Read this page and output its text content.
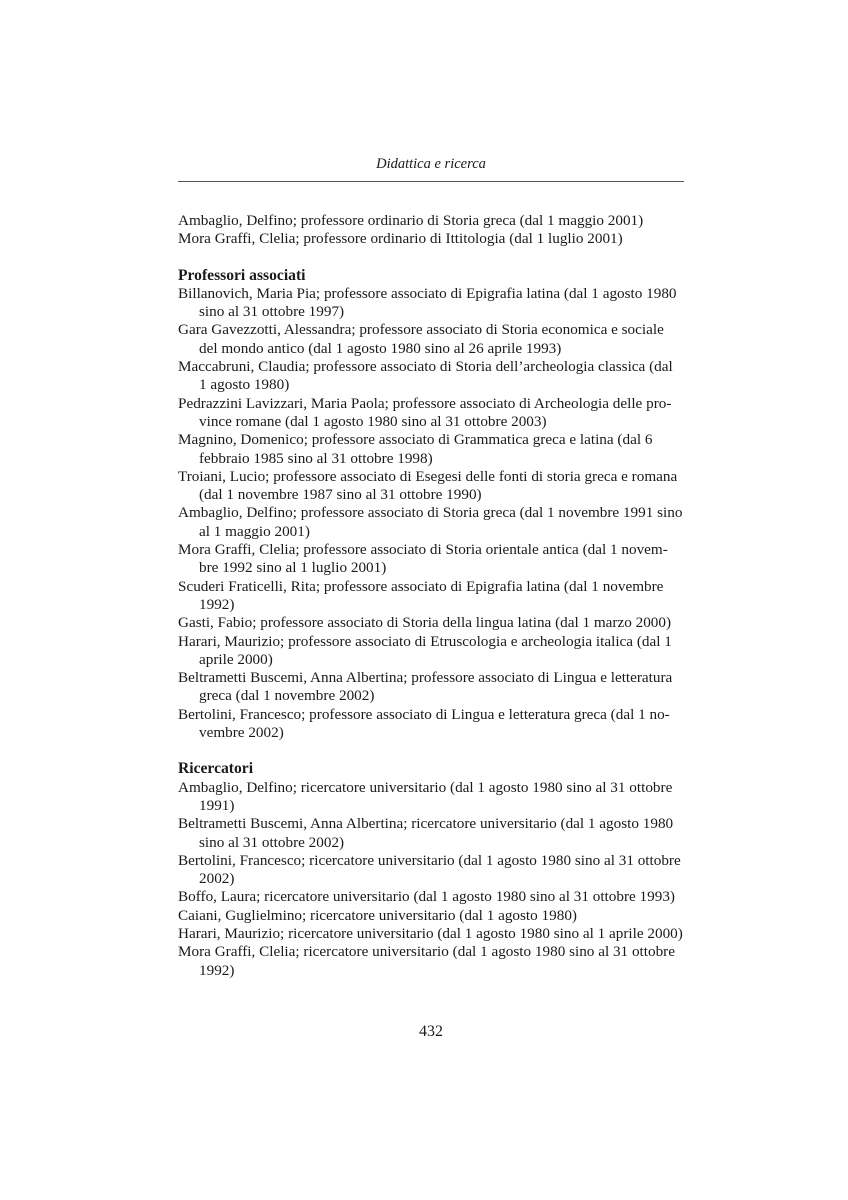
Didattica e ricerca

Ambaglio, Delfino; professore ordinario di Storia greca (dal 1 maggio 2001)

Mora Graffi, Clelia; professore ordinario di Ittitologia (dal 1 luglio 2001)

Professori associati

Billanovich, Maria Pia; professore associato di Epigrafia latina (dal 1 agosto 1980
sino al 31 ottobre 1997)

Gara Gavezzotti, Alessandra; professore associato di Storia economica e sociale
del mondo antico (dal 1 agosto 1980 sino al 26 aprile 1993)

Maccabruni, Claudia; professore associato di Storia dell’archeologia classica (dal
1 agosto 1980)

Pedrazzini Lavizzari, Maria Paola; professore associato di Archeologia delle pro-
vince romane (dal 1 agosto 1980 sino al 31 ottobre 2003)

Magnino, Domenico; professore associato di Grammatica greca e latina (dal 6
febbraio 1985 sino al 31 ottobre 1998)

Troiani, Lucio; professore associato di Esegesi delle fonti di storia greca e romana
(dal 1 novembre 1987 sino al 31 ottobre 1990)

Ambaglio, Delfino; professore associato di Storia greca (dal 1 novembre 1991 sino
al 1 maggio 2001)

Mora Graffi, Clelia; professore associato di Storia orientale antica (dal 1 novem-
bre 1992 sino al 1 luglio 2001)

Scuderi Fraticelli, Rita; professore associato di Epigrafia latina (dal 1 novembre
1992)

Gasti, Fabio; professore associato di Storia della lingua latina (dal 1 marzo 2000)

Harari, Maurizio; professore associato di Etruscologia e archeologia italica (dal 1
aprile 2000)

Beltrametti Buscemi, Anna Albertina; professore associato di Lingua e letteratura
greca (dal 1 novembre 2002)

Bertolini, Francesco; professore associato di Lingua e letteratura greca (dal 1 no-
vembre 2002)

Ricercatori

Ambaglio, Delfino; ricercatore universitario (dal 1 agosto 1980 sino al 31 ottobre
1991)

Beltrametti Buscemi, Anna Albertina; ricercatore universitario (dal 1 agosto 1980
sino al 31 ottobre 2002)

Bertolini, Francesco; ricercatore universitario (dal 1 agosto 1980 sino al 31 ottobre
2002)

Boffo, Laura; ricercatore universitario (dal 1 agosto 1980 sino al 31 ottobre 1993)

Caiani, Guglielmino; ricercatore universitario (dal 1 agosto 1980)

Harari, Maurizio; ricercatore universitario (dal 1 agosto 1980 sino al 1 aprile 2000)

Mora Graffi, Clelia; ricercatore universitario (dal 1 agosto 1980 sino al 31 ottobre
1992)

432
